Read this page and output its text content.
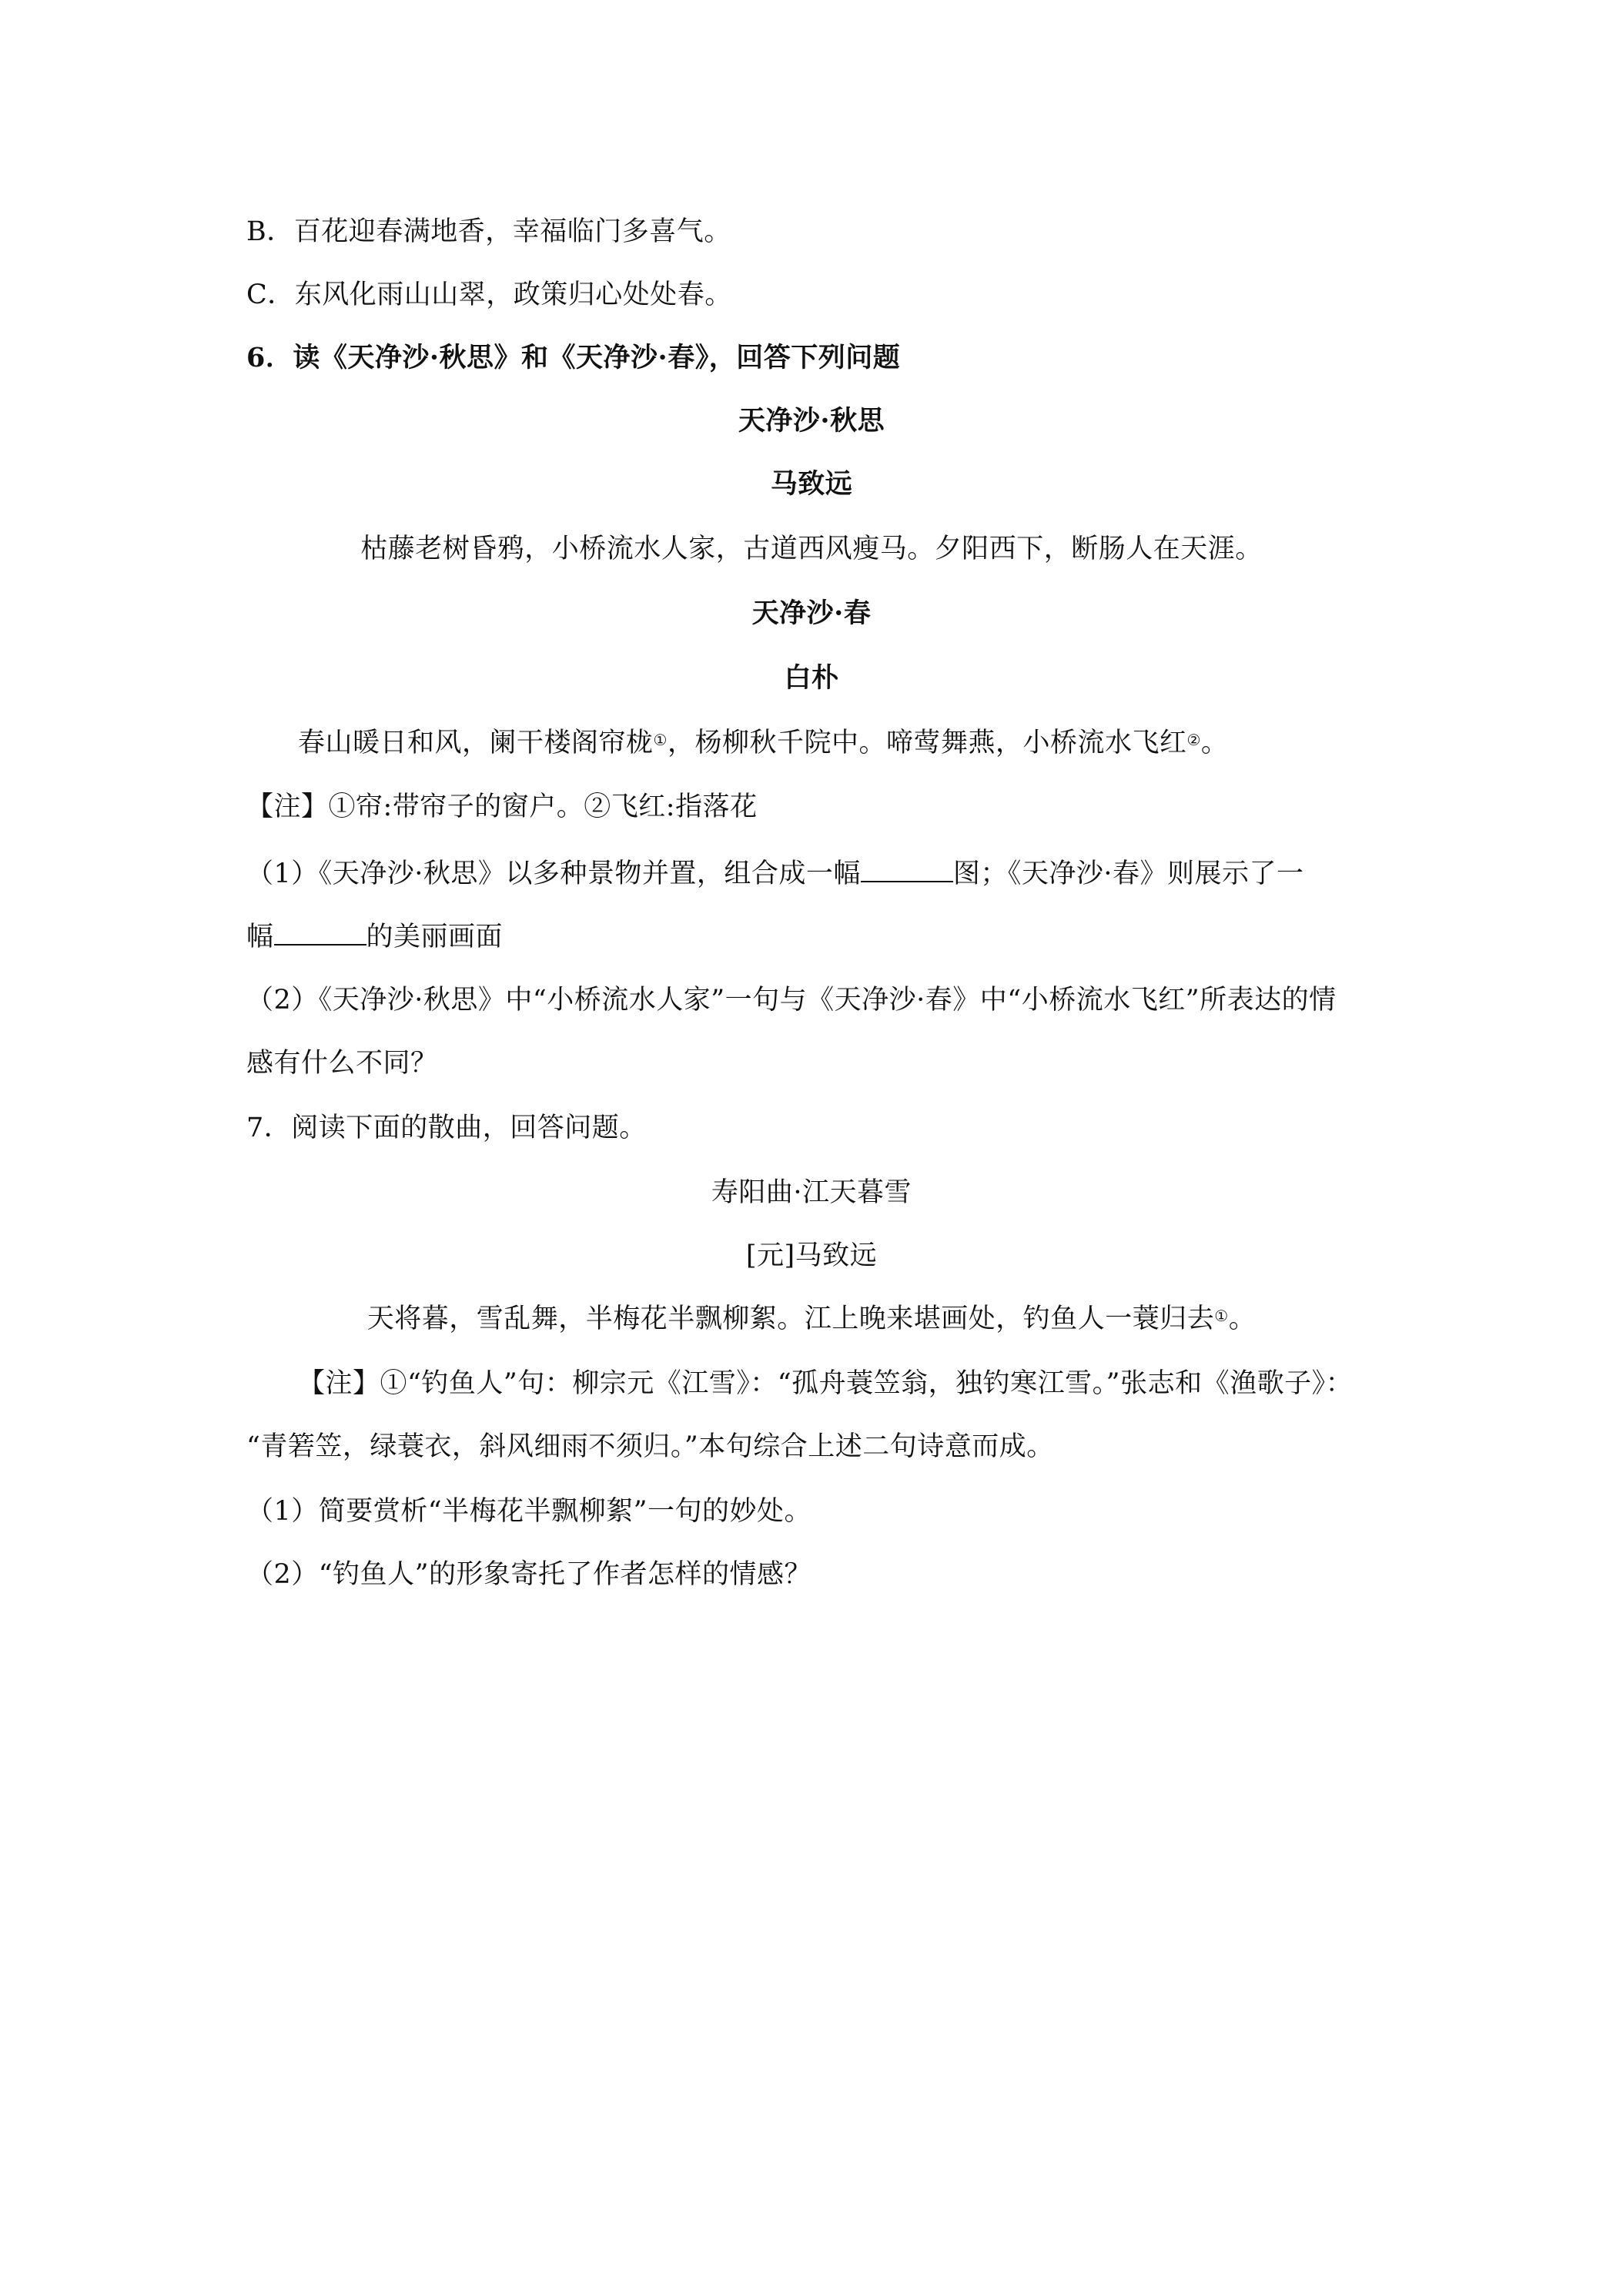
B．百花迎春满地香，幸福临门多喜气。
C．东风化雨山山翠，政策归心处处春。
6．读《天净沙·秋思》和《天净沙·春》，回答下列问题
天净沙·秋思
马致远
枯藤老树昏鸦，小桥流水人家，古道西风瘦马。夕阳西下，断肠人在天涯。
天净沙·春
白朴
春山暖日和风，阑干楼阁帘栊①，杨柳秋千院中。啼莺舞燕，小桥流水飞红②。
【注】①帘:带帘子的窗户。②飞红:指落花
（1）《天净沙·秋思》以多种景物并置，组合成一幅	图；《天净沙·春》则展示了一
幅	的美丽画面
（2）《天净沙·秋思》中“小桥流水人家”一句与《天净沙·春》中“小桥流水飞红”所表达的情
感有什么不同？
7．阅读下面的散曲，回答问题。
寿阳曲·江天暮雪
[元]马致远
天将暮，雪乱舞，半梅花半飘柳絮。江上晚来堪画处，钓鱼人一蓑归去①。
【注】①“钓鱼人”句：柳宗元《江雪》：“孤舟蓑笠翁，独钓寒江雪。”张志和《渔歌子》：
“青箬笠，绿蓑衣，斜风细雨不须归。”本句综合上述二句诗意而成。
（1）简要赏析“半梅花半飘柳絮”一句的妙处。
（2）“钓鱼人”的形象寄托了作者怎样的情感？
